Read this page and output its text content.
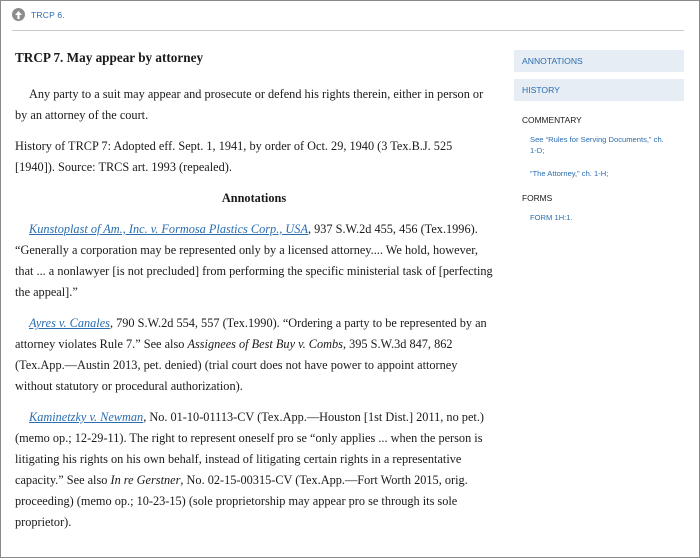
TRCP 6.
TRCP 7. May appear by attorney

Any party to a suit may appear and prosecute or defend his rights therein, either in person or by an attorney of the court.

History of TRCP 7: Adopted eff. Sept. 1, 1941, by order of Oct. 29, 1940 (3 Tex.B.J. 525 [1940]). Source: TRCS art. 1993 (repealed).

Annotations

Kunstoplast of Am., Inc. v. Formosa Plastics Corp., USA, 937 S.W.2d 455, 456 (Tex.1996). “Generally a corporation may be represented only by a licensed attorney.... We hold, however, that ... a nonlawyer [is not precluded] from performing the specific ministerial task of [perfecting the appeal].”

Ayres v. Canales, 790 S.W.2d 554, 557 (Tex.1990). “Ordering a party to be represented by an attorney violates Rule 7.” See also Assignees of Best Buy v. Combs, 395 S.W.3d 847, 862 (Tex.App.—Austin 2013, pet. denied) (trial court does not have power to appoint attorney without statutory or procedural authorization).

Kaminetzky v. Newman, No. 01-10-01113-CV (Tex.App.—Houston [1st Dist.] 2011, no pet.) (memo op.; 12-29-11). The right to represent oneself pro se “only applies ... when the person is litigating his rights on his own behalf, instead of litigating certain rights in a representative capacity.” See also In re Gerstner, No. 02-15-00315-CV (Tex.App.—Fort Worth 2015, orig. proceeding) (memo op.; 10-23-15) (sole proprietorship may appear pro se through its sole proprietor).

ANNOTATIONS
HISTORY
COMMENTARY
See “Rules for Serving Documents,” ch. 1-D;
“The Attorney,” ch. 1-H;
FORMS
FORM 1H:1.
